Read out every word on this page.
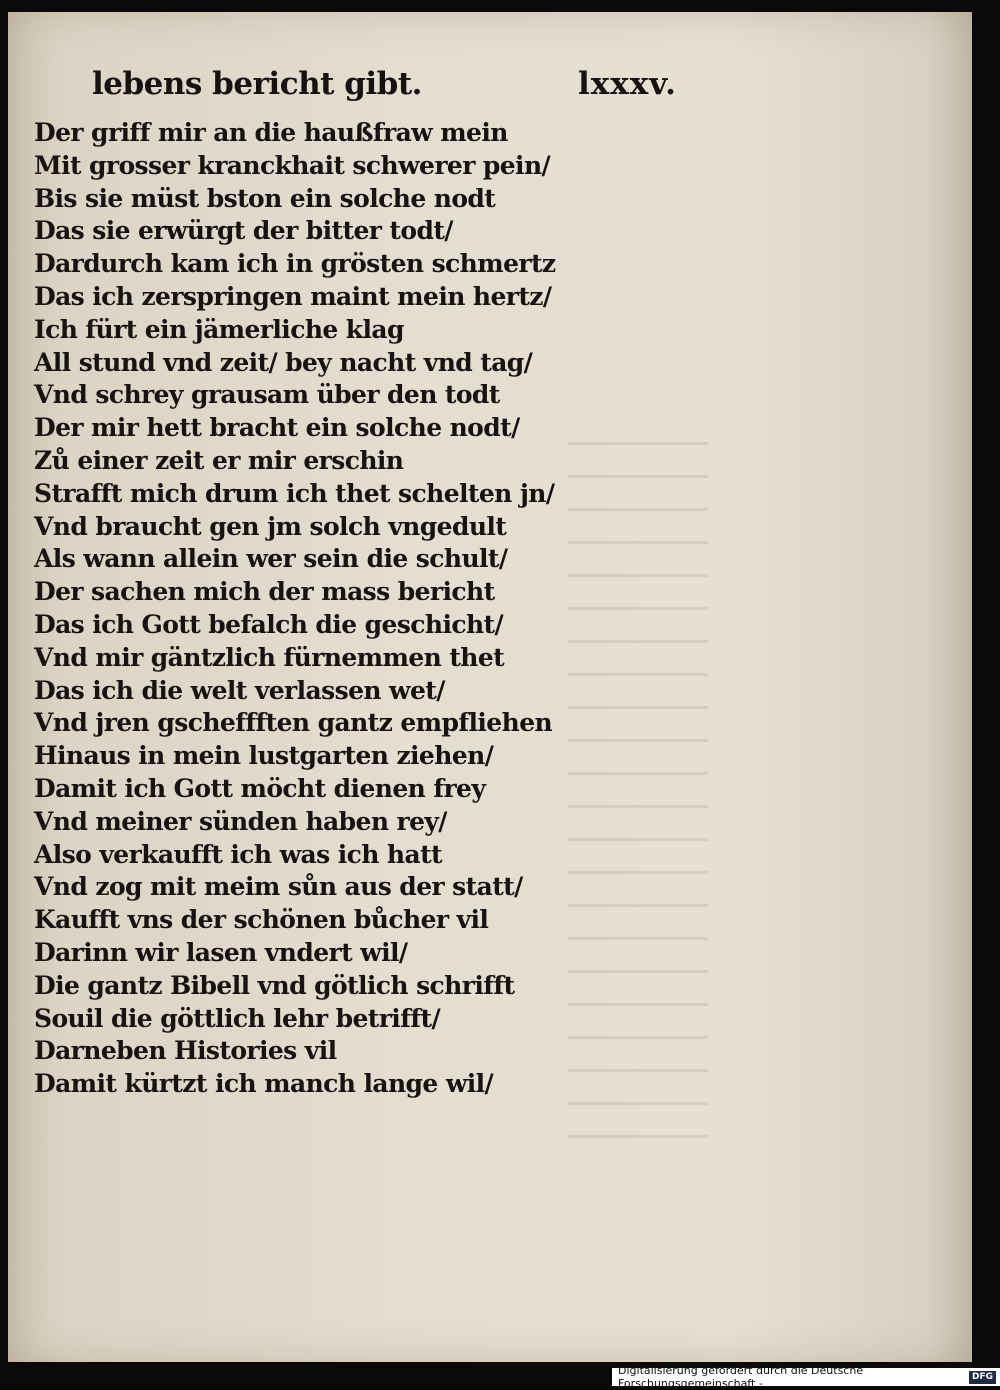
lebens bericht gibt.	lxxxv.
Der griff mir an die haußfraw mein
Mit grosser kranckhait schwerer pein/
Bis sie müst bston ein solche nodt
Das sie erwürgt der bitter todt/
Dardurch kam ich in grösten schmertz
Das ich zerspringen maint mein hertz/
Ich fürt ein jämerliche klag
All stund vnd zeit/ bey nacht vnd tag/
Vnd schrey grausam über den todt
Der mir hett bracht ein solche nodt/
Zů einer zeit er mir erschin
Strafft mich drum ich thet schelten jn/
Vnd braucht gen jm solch vngedult
Als wann allein wer sein die schult/
Der sachen mich der mass bericht
Das ich Gott befalch die geschicht/
Vnd mir gäntzlich fürnemmen thet
Das ich die welt verlassen wet/
Vnd jren gscheffften gantz empfliehen
Hinaus in mein lustgarten ziehen/
Damit ich Gott möcht dienen frey
Vnd meiner sünden haben rey/
Also verkaufft ich was ich hatt
Vnd zog mit meim sůn aus der statt/
Kaufft vns der schönen bůcher vil
Darinn wir lasen vndert wil/
Die gantz Bibell vnd götlich schrifft
Souil die göttlich lehr betrifft/
Darneben Histories vil
Damit kürtzt ich manch lange wil/
Digitalisierung gefördert durch die Deutsche Forschungsgemeinschaft -	DFG
